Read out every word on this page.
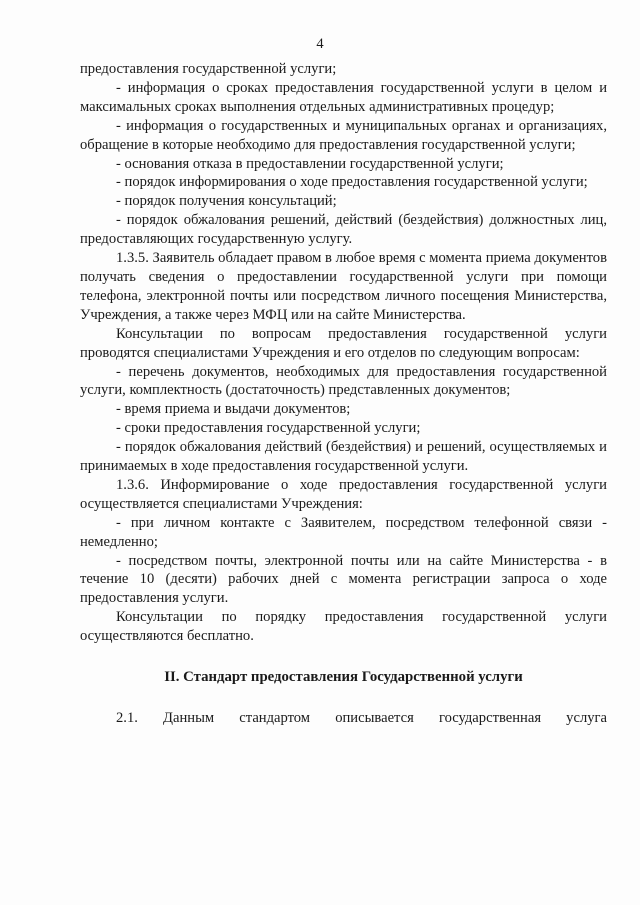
4

предоставления государственной услуги;

- информация о сроках предоставления государственной услуги в целом и максимальных сроках выполнения отдельных административных процедур;

- информация о государственных и муниципальных органах и организациях, обращение в которые необходимо для предоставления государственной услуги;

- основания отказа в предоставлении государственной услуги;

- порядок информирования о ходе предоставления государственной услуги;

- порядок получения консультаций;

- порядок обжалования решений, действий (бездействия) должностных лиц, предоставляющих государственную услугу.

1.3.5. Заявитель обладает правом в любое время с момента приема документов получать сведения о предоставлении государственной услуги при помощи телефона, электронной почты или посредством личного посещения Министерства, Учреждения, а также через МФЦ или на сайте Министерства.

Консультации по вопросам предоставления государственной услуги проводятся специалистами Учреждения и его отделов по следующим вопросам:

- перечень документов, необходимых для предоставления государственной услуги, комплектность (достаточность) представленных документов;

- время приема и выдачи документов;

- сроки предоставления государственной услуги;

- порядок обжалования действий (бездействия) и решений, осуществляемых и принимаемых в ходе предоставления государственной услуги.

1.3.6. Информирование о ходе предоставления государственной услуги осуществляется специалистами Учреждения:

- при личном контакте с Заявителем, посредством телефонной связи - немедленно;

- посредством почты, электронной почты или на сайте Министерства - в течение 10 (десяти) рабочих дней с момента регистрации запроса о ходе предоставления услуги.

Консультации по порядку предоставления государственной услуги осуществляются бесплатно.

II. Стандарт предоставления Государственной услуги

2.1. Данным стандартом описывается государственная услуга
